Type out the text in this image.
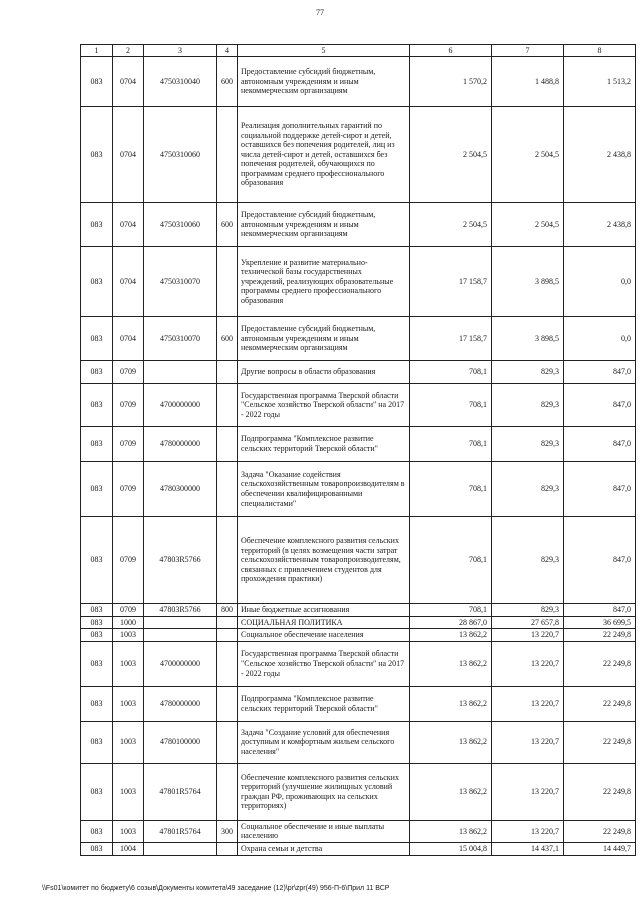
77
1	2	3	4	5	6	7	8
083	0704	4750310040	600	Предоставление субсидий бюджетным, автономным учреждениям и иным некоммерческим организациям	1 570,2	1 488,8	1 513,2
083	0704	4750310060		Реализация дополнительных гарантий по социальной поддержке детей-сирот и детей, оставшихся без попечения родителей, лиц из числа детей-сирот и детей, оставшихся без попечения родителей, обучающихся по программам среднего профессионального образования	2 504,5	2 504,5	2 438,8
083	0704	4750310060	600	Предоставление субсидий бюджетным, автономным учреждениям и иным некоммерческим организациям	2 504,5	2 504,5	2 438,8
083	0704	4750310070		Укрепление и развитие материально-технической базы государственных учреждений, реализующих образовательные программы среднего профессионального образования	17 158,7	3 898,5	0,0
083	0704	4750310070	600	Предоставление субсидий бюджетным, автономным учреждениям и иным некоммерческим организациям	17 158,7	3 898,5	0,0
083	0709			Другие вопросы в области образования	708,1	829,3	847,0
083	0709	4700000000		Государственная программа Тверской области "Сельское хозяйство Тверской области" на 2017 - 2022 годы	708,1	829,3	847,0
083	0709	4780000000		Подпрограмма "Комплексное развитие сельских территорий Тверской области"	708,1	829,3	847,0
083	0709	4780300000		Задача "Оказание содействия сельскохозяйственным товаропроизводителям в обеспечении квалифицированными специалистами"	708,1	829,3	847,0
083	0709	47803R5766		Обеспечение комплексного развития сельских территорий (в целях возмещения части затрат сельскохозяйственным товаропроизводителям, связанных с привлечением студентов для прохождения практики)	708,1	829,3	847,0
083	0709	47803R5766	800	Иные бюджетные ассигнования	708,1	829,3	847,0
083	1000			СОЦИАЛЬНАЯ ПОЛИТИКА	28 867,0	27 657,8	36 699,5
083	1003			Социальное обеспечение населения	13 862,2	13 220,7	22 249,8
083	1003	4700000000		Государственная программа Тверской области "Сельское хозяйство Тверской области" на 2017 - 2022 годы	13 862,2	13 220,7	22 249,8
083	1003	4780000000		Подпрограмма "Комплексное развитие сельских территорий Тверской области"	13 862,2	13 220,7	22 249,8
083	1003	4780100000		Задача "Создание условий для обеспечения доступным и комфортным жильем сельского населения"	13 862,2	13 220,7	22 249,8
083	1003	47801R5764		Обеспечение комплексного развития сельских территорий (улучшение жилищных условий граждан РФ, проживающих на сельских территориях)	13 862,2	13 220,7	22 249,8
083	1003	47801R5764	300	Социальное обеспечение и иные выплаты населению	13 862,2	13 220,7	22 249,8
083	1004			Охрана семьи и детства	15 004,8	14 437,1	14 449,7
\\Fs01\комитет по бюджету\6 созыв\Документы комитета\49 заседание (12)\pr\zpr(49) 956-П-6\Прил 11 ВСР
